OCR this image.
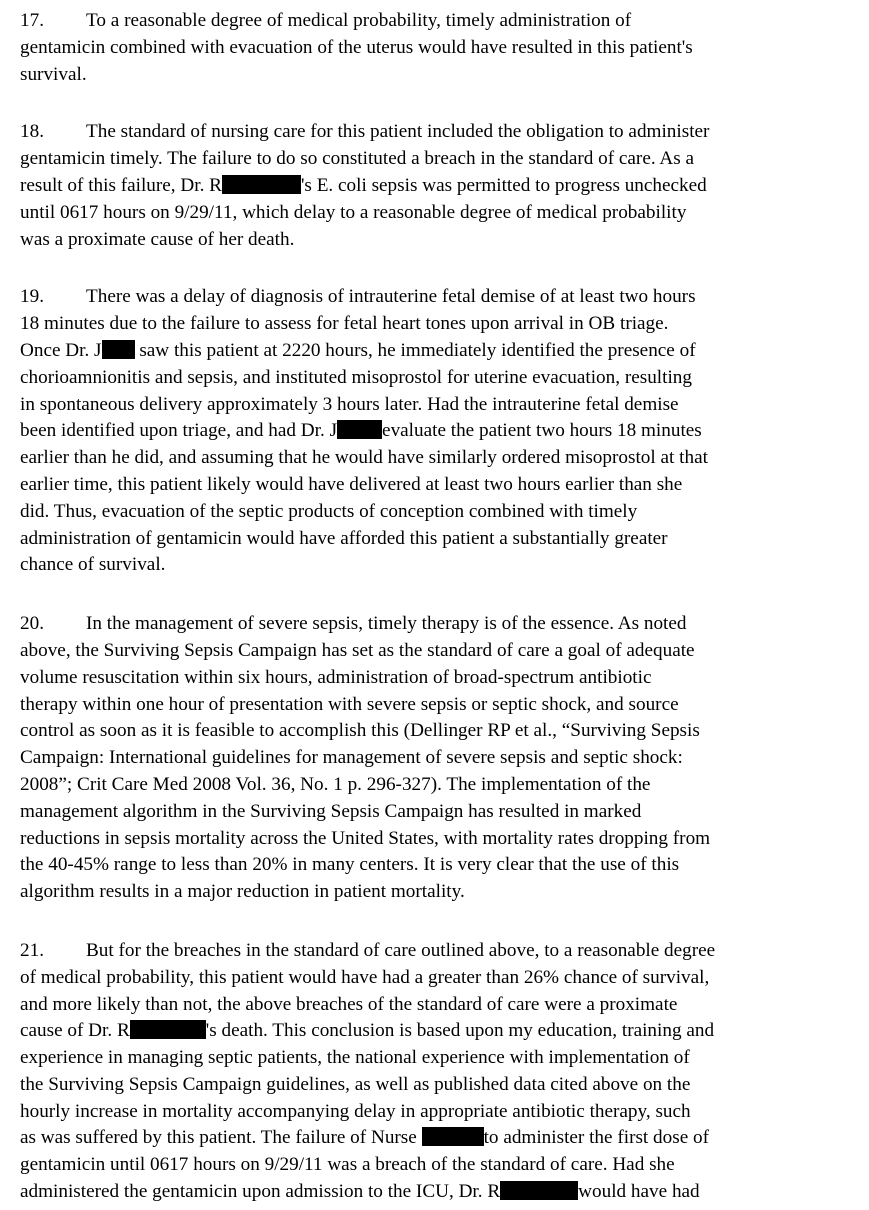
17. To a reasonable degree of medical probability, timely administration of
gentamicin combined with evacuation of the uterus would have resulted in this patient's
survival.

18. The standard of nursing care for this patient included the obligation to administer
gentamicin timely. The failure to do so constituted a breach in the standard of care. As a
result of this failure, Dr. R	's E. coli sepsis was permitted to progress unchecked
until 0617 hours on 9/29/11, which delay to a reasonable degree of medical probability
was a proximate cause of her death.

19. There was a delay of diagnosis of intrauterine fetal demise of at least two hours
18 minutes due to the failure to assess for fetal heart tones upon arrival in OB triage.
Once Dr. J saw this patient at 2220 hours, he immediately identified the presence of
chorioamnionitis and sepsis, and instituted misoprostol for uterine evacuation, resulting
in spontaneous delivery approximately 3 hours later. Had the intrauterine fetal demise
been identified upon triage, and had Dr. J evaluate the patient two hours 18 minutes
earlier than he did, and assuming that he would have similarly ordered misoprostol at that
earlier time, this patient likely would have delivered at least two hours earlier than she
did. Thus, evacuation of the septic products of conception combined with timely
administration of gentamicin would have afforded this patient a substantially greater
chance of survival.

20. In the management of severe sepsis, timely therapy is of the essence. As noted
above, the Surviving Sepsis Campaign has set as the standard of care a goal of adequate
volume resuscitation within six hours, administration of broad-spectrum antibiotic
therapy within one hour of presentation with severe sepsis or septic shock, and source
control as soon as it is feasible to accomplish this (Dellinger RP et al., “Surviving Sepsis
Campaign: International guidelines for management of severe sepsis and septic shock:
2008”; Crit Care Med 2008 Vol. 36, No. 1 p. 296-327). The implementation of the
management algorithm in the Surviving Sepsis Campaign has resulted in marked
reductions in sepsis mortality across the United States, with mortality rates dropping from
the 40-45% range to less than 20% in many centers. It is very clear that the use of this
algorithm results in a major reduction in patient mortality.

21. But for the breaches in the standard of care outlined above, to a reasonable degree
of medical probability, this patient would have had a greater than 26% chance of survival,
and more likely than not, the above breaches of the standard of care were a proximate
cause of Dr. R	's death. This conclusion is based upon my education, training and
experience in managing septic patients, the national experience with implementation of
the Surviving Sepsis Campaign guidelines, as well as published data cited above on the
hourly increase in mortality accompanying delay in appropriate antibiotic therapy, such
as was suffered by this patient. The failure of Nurse	to administer the first dose of
gentamicin until 0617 hours on 9/29/11 was a breach of the standard of care. Had she
administered the gentamicin upon admission to the ICU, Dr. R	would have had
